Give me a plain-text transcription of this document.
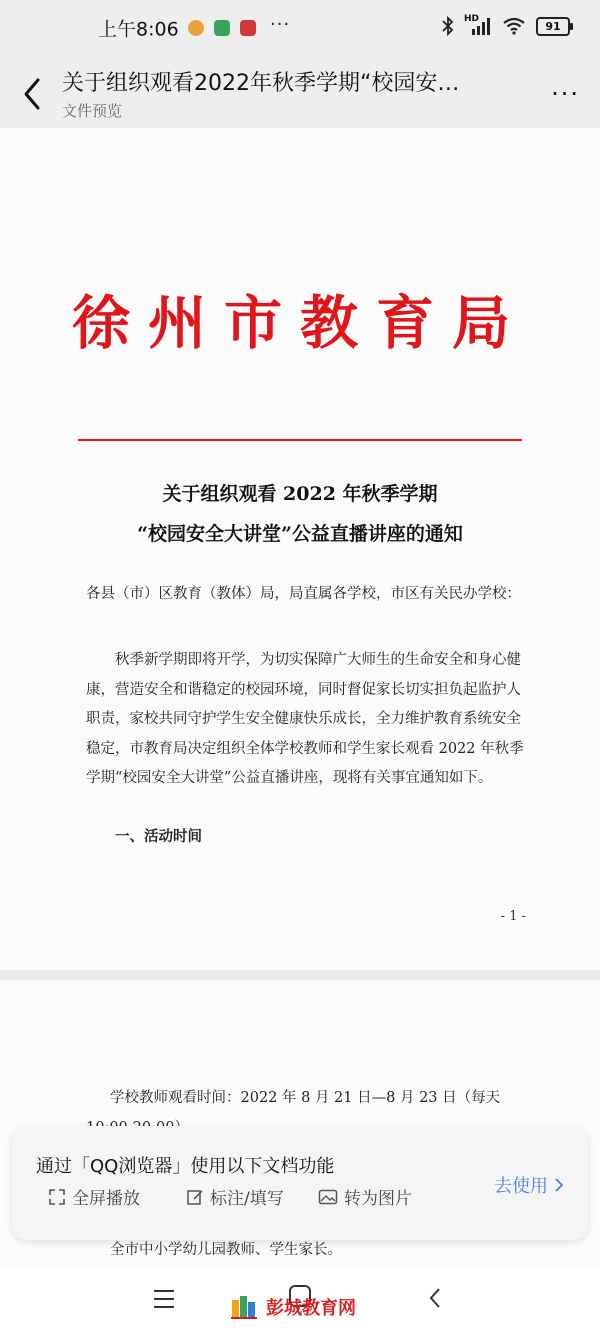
上午8:06	···	HD
91
关于组织观看2022年秋季学期“校园安…
文件预览
···
徐州市教育局
关于组织观看 2022 年秋季学期
“校园安全大讲堂”公益直播讲座的通知
各县（市）区教育（教体）局，局直属各学校，市区有关民办学校：
秋季新学期即将开学，为切实保障广大师生的生命安全和身心健康，营造安全和谐稳定的校园环境，同时督促家长切实担负起监护人职责，家校共同守护学生安全健康快乐成长，全力维护教育系统安全稳定，市教育局决定组织全体学校教师和学生家长观看 2022 年秋季学期“校园安全大讲堂”公益直播讲座，现将有关事宜通知如下。
一、活动时间
- 1 -
学校教师观看时间：2022 年 8 月 21 日—8 月 23 日（每天
全市中小学幼儿园教师、学生家长。
通过「QQ浏览器」使用以下文档功能
全屏播放	标注/填写	转为图片
去使用
彭城教育网
